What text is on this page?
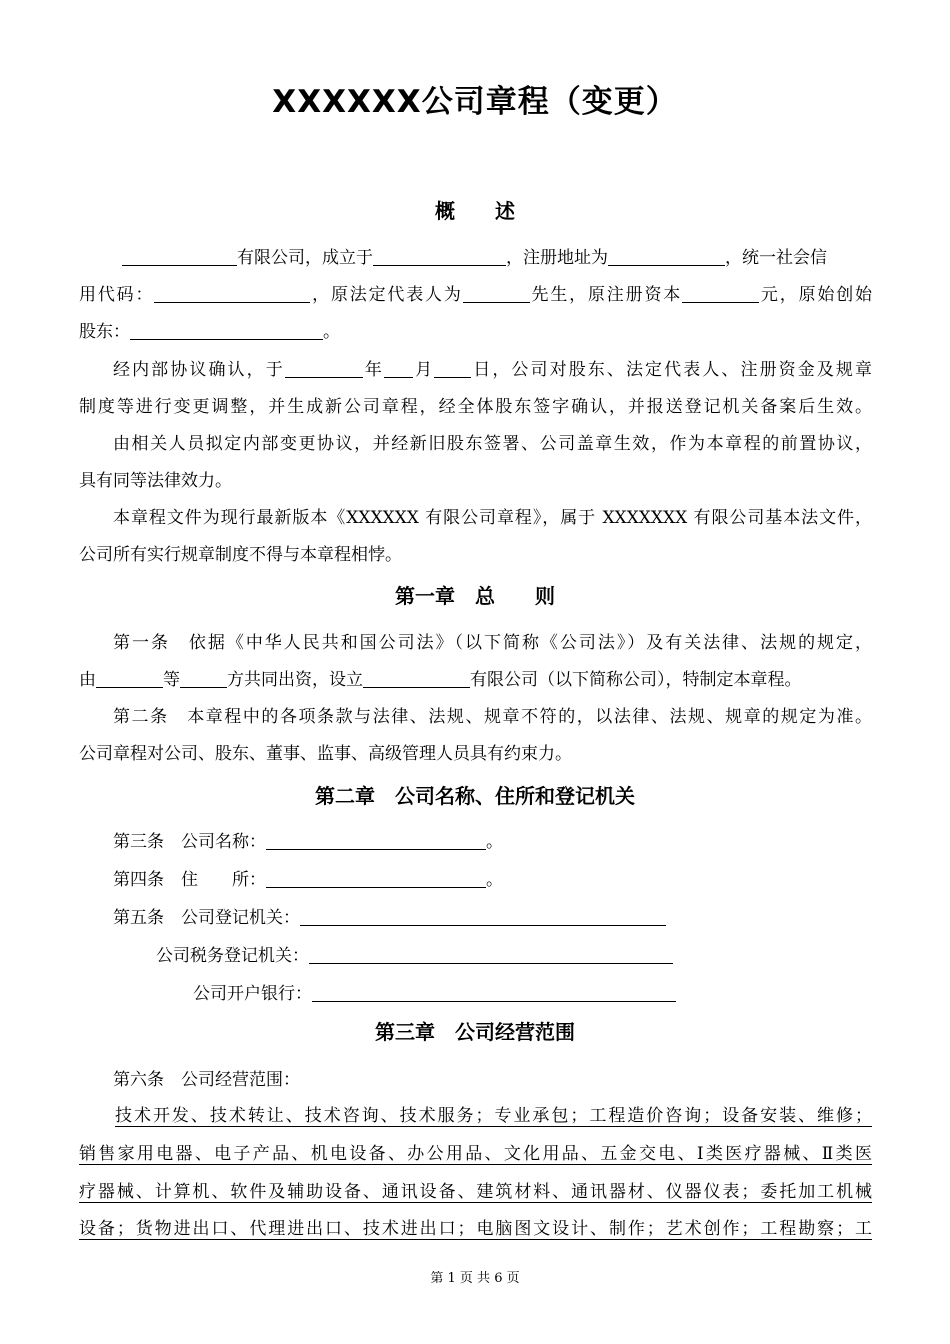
XXXXXX公司章程（变更）
概　　述
有限公司，成立于	，注册地址为	，统一社会信
用代码：	，原法定代表人为	先生，原注册资本	元，原始创始
股东：	。
经内部协议确认，于	年 月 日，公司对股东、法定代表人、注册资金及规章
制度等进行变更调整，并生成新公司章程，经全体股东签字确认，并报送登记机关备案后生效。
由相关人员拟定内部变更协议，并经新旧股东签署、公司盖章生效，作为本章程的前置协议，
具有同等法律效力。
本章程文件为现行最新版本《XXXXXX 有限公司章程》，属于 XXXXXXX 有限公司基本法文件，
公司所有实行规章制度不得与本章程相悖。
第一章　总　　则
第一条　依据《中华人民共和国公司法》（以下简称《公司法》）及有关法律、法规的规定，
由	等	方共同出资，设立	有限公司（以下简称公司），特制定本章程。
第二条　本章程中的各项条款与法律、法规、规章不符的，以法律、法规、规章的规定为准。
公司章程对公司、股东、董事、监事、高级管理人员具有约束力。
第二章　公司名称、住所和登记机关
第三条　公司名称：	。
第四条　住　　所：	。
第五条　公司登记机关：
公司税务登记机关：
公司开户银行：
第三章　公司经营范围
第六条　公司经营范围：
技术开发、技术转让、技术咨询、技术服务；专业承包；工程造价咨询；设备安装、维修；
销售家用电器、电子产品、机电设备、办公用品、文化用品、五金交电、Ⅰ类医疗器械、Ⅱ类医
疗器械、计算机、软件及辅助设备、通讯设备、建筑材料、通讯器材、仪器仪表；委托加工机械
设备；货物进出口、代理进出口、技术进出口；电脑图文设计、制作；艺术创作；工程勘察；工
第 1 页 共 6 页
